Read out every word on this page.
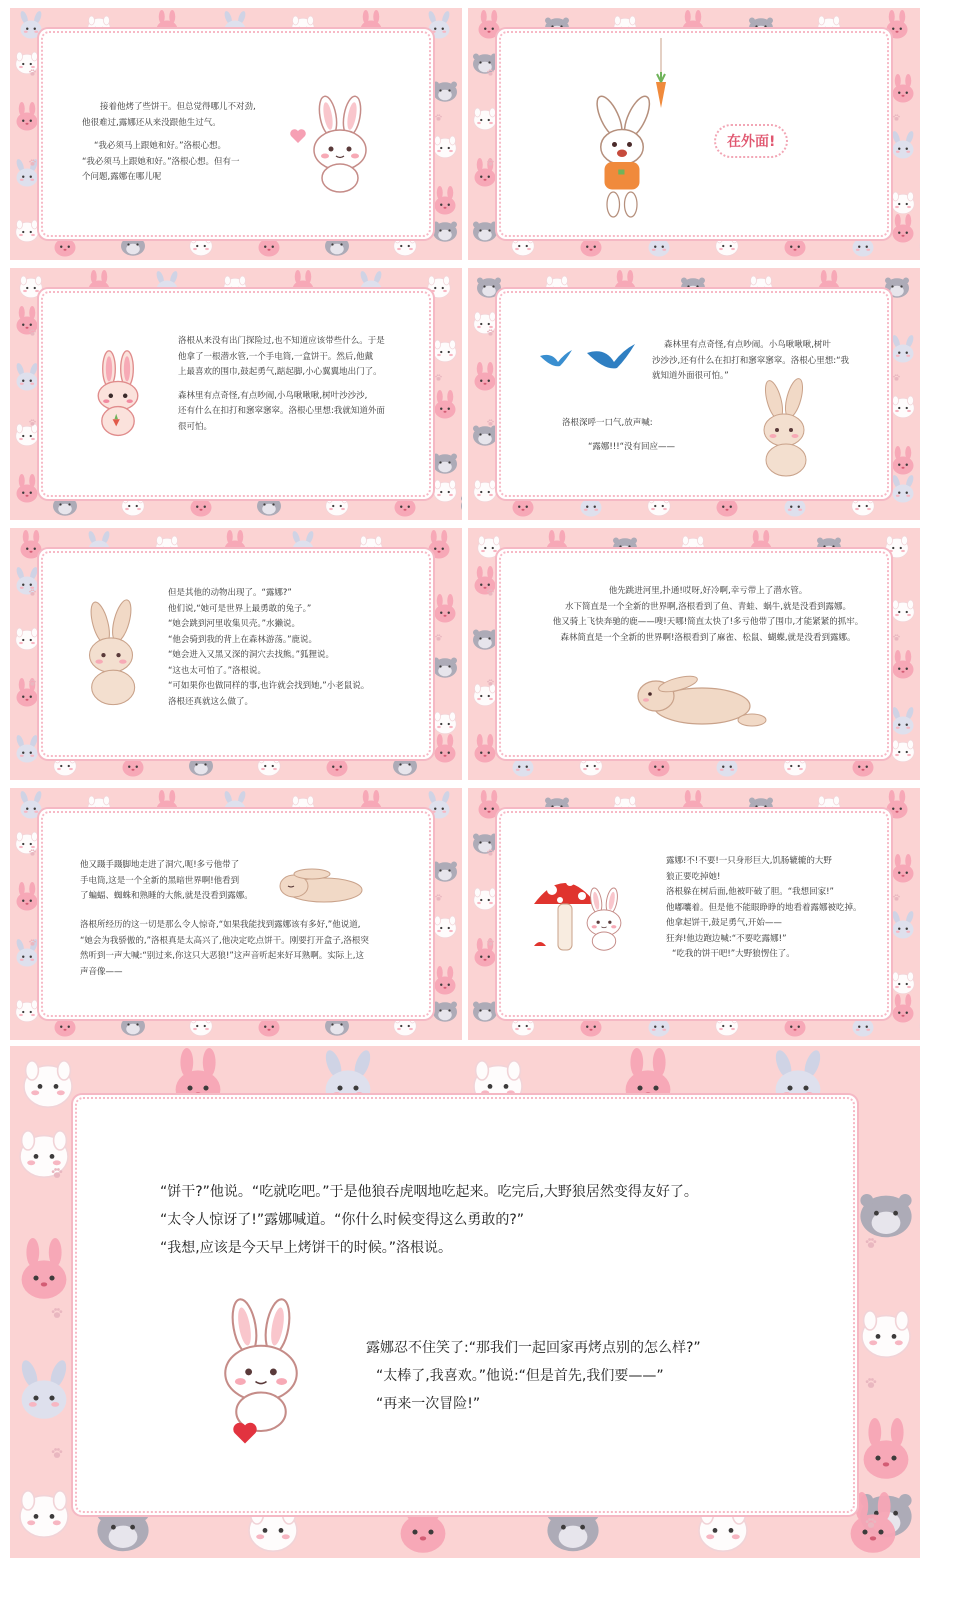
接着他烤了些饼干。但总觉得哪儿不对劲,

他很难过,露娜还从来没跟他生过气。

“我必须马上跟她和好。”洛根心想。

“我必须马上跟她和好。”洛根心想。但有一

个问题,露娜在哪儿呢

在外面!

洛根从来没有出门探险过,也不知道应该带些什么。于是

他拿了一根潜水管,一个手电筒,一盒饼干。然后,他戴

上最喜欢的围巾,鼓起勇气,踮起脚,小心翼翼地出门了。

森林里有点奇怪,有点吵闹,小鸟啾啾啾,树叶沙沙沙,

还有什么在扣打和窸窣窸窣。洛根心里想:我就知道外面

很可怕。

森林里有点奇怪,有点吵闹。小鸟啾啾啾,树叶

沙沙沙,还有什么在扣打和窸窣窸窣。洛根心里想:“我

就知道外面很可怕。”

洛根深呼一口气,放声喊:

“露娜!!!“没有回应——

但是其他的动物出现了。“露娜?”

他们说,“她可是世界上最勇敢的兔子。”

“她会跳到河里收集贝壳。”水獭说。

“他会骑到我的背上在森林游荡。”鹿说。

“她会进入又黑又深的洞穴去找熊。”狐狸说。

“这也太可怕了。”洛根说。

“可如果你也做同样的事,也许就会找到她,”小老鼠说。

洛根还真就这么做了。

他先跳进河里,扑通!哎呀,好冷啊,幸亏带上了潜水管。

水下简直是一个全新的世界啊,洛根看到了鱼、青蛙、蜗牛,就是没看到露娜。

他又骑上飞快奔驰的鹿——嗖!天哪!简直太快了!多亏他带了围巾,才能紧紧的抓牢。

森林简直是一个全新的世界啊!洛根看到了麻雀、松鼠、蝴蝶,就是没看到露娜。

他又蹑手蹑脚地走进了洞穴,呃!多亏他带了

手电筒,这是一个全新的黑暗世界啊!他看到

了蝙蝠、蜘蛛和熟睡的大熊,就是没看到露娜。

洛根所经历的这一切是那么令人惊奇,“如果我能找到露娜该有多好,”他说道,

“她会为我骄傲的,”洛根真是太高兴了,他决定吃点饼干。刚要打开盒子,洛根突

然听到一声大喊:“别过来,你这只大恶狼!”这声音听起来好耳熟啊。实际上,这

声音像——

露娜!不!不要!一只身形巨大,饥肠辘辘的大野

狼正要吃掉她!

洛根躲在树后面,他被吓破了胆。“我想回家!”

他嘟囔着。但是他不能眼睁睁的地看着露娜被吃掉。

他拿起饼干,鼓足勇气,开始——

狂奔!他边跑边喊:“不要吃露娜!”

“吃我的饼干吧!”大野狼愣住了。

“饼干?”他说。“吃就吃吧。”于是他狼吞虎咽地吃起来。吃完后,大野狼居然变得友好了。

“太令人惊讶了!”露娜喊道。“你什么时候变得这么勇敢的?”

“我想,应该是今天早上烤饼干的时候。”洛根说。

露娜忍不住笑了:“那我们一起回家再烤点别的怎么样?”

“太棒了,我喜欢。”他说:“但是首先,我们要——”

“再来一次冒险!”
